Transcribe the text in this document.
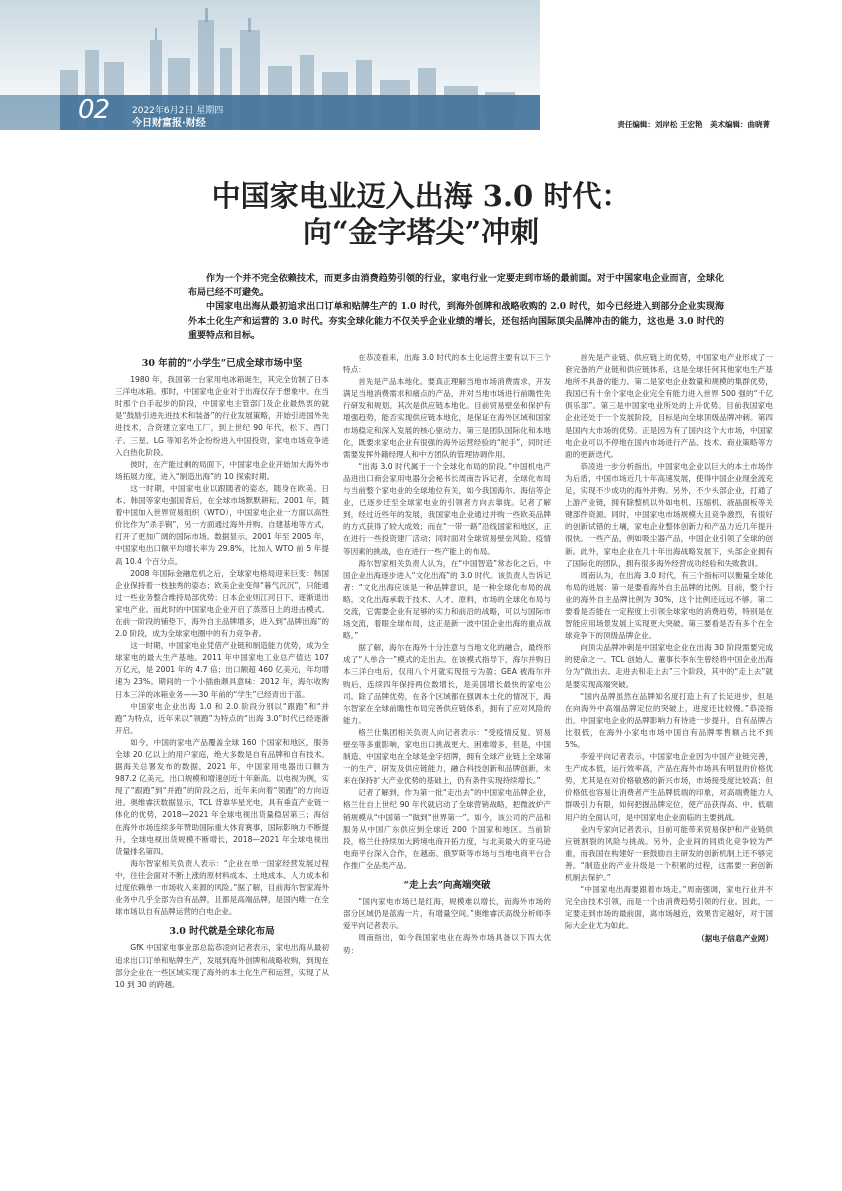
02	2022年6月2日 星期四
今日财富报·财经	责任编辑：刘岸松 王宏艳　美术编辑：曲晓菁
中国家电业迈入出海 3.0 时代：
向“金字塔尖”冲刺

作为一个并不完全依赖技术，而更多由消费趋势引领的行业，家电行业一定要走到市场的最前面。对于中国家电企业而言，全球化布局已经不可避免。

中国家电出海从最初追求出口订单和贴牌生产的 1.0 时代，到海外创牌和战略收购的 2.0 时代，如今已经进入到部分企业实现海外本土化生产和运营的 3.0 时代。夯实全球化能力不仅关乎企业业绩的增长，还包括向国际顶尖品牌冲击的能力，这也是 3.0 时代的重要特点和目标。

30 年前的“小学生”已成全球市场中坚

1980 年，我国第一台家用电冰箱诞生，其完全仿制了日本三洋电冰箱。那时，中国家电企业对于出海仅存于想象中。在当时那个白手起步的阶段，中国家电主管部门及企业最热衷的就是“鼓励引进先进技术和装备”的行业发展策略，开始引进国外先进技术，合资建立家电工厂，到上世纪 90 年代，松下、西门子、三星、LG 等知名外企纷纷进入中国投资，家电市场竞争进入白热化阶段。

彼时，在产能过剩的局面下，中国家电企业开始加大海外市场拓展力度，进入“制造出海”的 10 探索时期。

这一时期，中国家电业以跟随者的姿态，随身在欧美、日本、韩国等家电强国背后，在全球市场默默耕耘。2001 年，随着中国加入世界贸易组织（WTO），中国家电企业一方面以高性价比作为“杀手锏”，另一方面通过海外并购、自建基地等方式，打开了更加广阔的国际市场。数据显示，2001 年至 2005 年，中国家电出口额平均增长率为 29.8%，比加入 WTO 前 5 年提高 10.4 个百分点。

2008 年国际金融危机之后，全球家电格局迎来巨变：韩国企业保持着一枝独秀的姿态；欧美企业变得“暮气沉沉”，只能通过一些业务整合维持局部优势；日本企业则江河日下，逐渐退出家电产业。而此时的中国家电企业开启了蒸蒸日上的进击模式。在前一阶段的铺垫下，海外自主品牌增多，进入到“品牌出海”的 2.0 阶段，成为全球家电圈中的有力竞争者。

这一时期，中国家电业凭借产业链和制造能力优势，成为全球家电的最大生产基地。2011 年中国家电工业总产值达 107 万亿元，是 2001 年的 4.7 倍；出口额超 460 亿美元，年均增速为 23%。期间的一个小插曲颇具意味：2012 年，海尔收购日本三洋的冰箱业务——30 年前的“学生”已经青出于蓝。

中国家电企业出海 1.0 和 2.0 阶段分别以“跟跑”和“并跑”为特点，近年来以“领跑”为特点的“出海 3.0”时代已经逐渐开启。

如今，中国的家电产品覆盖全球 160 个国家和地区，服务全球 20 亿以上的用户家庭，绝大多数是自有品牌和自有技术。据海关总署发布的数据，2021 年，中国家用电器出口额为 987.2 亿美元，出口规模和增速创近十年新高。以电视为例，实现了“跟跑”到“并跑”的阶段之后，近年来向着“领跑”的方向迈进。奥维睿沃数据显示，TCL 背靠华星光电，具有垂直产业链一体化的优势，2018—2021 年全球电视出货量稳居第三；海信在海外市场连续多年赞助国际重大体育赛事，国际影响力不断提升，全球电视出货规模不断增长，2018—2021 年全球电视出货量排名第四。

海尔智家相关负责人表示：“企业在单一国家经营发展过程中，往往会面对不断上涨的原材料成本、土地成本、人力成本和过度依赖单一市场收入来源的风险。”据了解，目前海尔智家海外业务中几乎全部为自有品牌，且都是高端品牌，是国内唯一在全球市场以自有品牌运营的白电企业。

3.0 时代就是全球化布局

GfK 中国家电事业部总监恭凌向记者表示，家电出海从最初追求出口订单和贴牌生产，发展到海外创牌和战略收购，到现在部分企业在一些区域实现了海外的本土化生产和运营，实现了从 10 到 30 的跨越。

在恭凌看来，出海 3.0 时代的本土化运营主要有以下三个特点：

首先是产品本地化。要真正理解当地市场消费需求，开发满足当地消费需求和痛点的产品，并对当地市场进行前瞻性先行研发和规划。其次是供应链本地化。目前贸易壁垒和保护有增强趋势，能否实现供应链本地化，是保证在海外区域和国家市场稳定和深入发展的核心驱动力。第三是团队国际化和本地化，既要求家电企业有很强的海外运营经验的“舵手”，同时还需要发挥外籍经理人和中方团队的管理协调作用。

“出海 3.0 时代属于一个全球化布局的阶段。”中国机电产品进出口商会家用电器分会秘书长周南告诉记者，全球化布局与当前整个家电业的全球地位有关，如今我国海尔、海信等企业，已逐步迁至全球家电业的引领者方向去靠拢。记者了解到，经过近些年的发展，我国家电企业通过并购一些欧美品牌的方式获得了较大成效；而在“一带一路”沿线国家和地区，正在进行一些投资建厂活动；同时面对全球贸易壁垒风险、疫情等因素的挑战，也在进行一些产能上的布局。

海尔智家相关负责人认为，在“中国智造”常态化之后，中国企业出海逐步进入“文化出海”的 3.0 时代。该负责人告诉记者：“文化出海应该是一种品牌意识，是一种全球化布局的战略。文化出海承载于技术、人才、原料，市场的全球化布局与交流，它需要企业有足够的实力和前沿的战略，可以与国际市场交流，着眼全球布局，这正是新一波中国企业出海的重点战略。”

据了解，海尔在海外十分注意与当地文化的融合，最终形成了“人单合一”模式的走出去。在该模式指导下，海尔并购日本三洋白电后，仅用八个月就实现扭亏为盈；GEA 被海尔并购后，连续四年保持两位数增长，是美国增长最快的家电公司。除了品牌优势，在各个区域都在强调本土化的情况下，海尔智家在全球前瞻性布局完善供应链体系，拥有了应对风险的能力。

格兰仕集团相关负责人向记者表示：“受疫情反复、贸易壁垒等多重影响，家电出口挑战更大、困难增多，但是，中国制造、中国家电在全球是金字招牌，拥有全球产业链上全球第一的生产、研发及供应链能力，融合科技创新和品牌创新，未来在保持扩大产业优势的基础上，仍有条件实现持续增长。”

记者了解到，作为第一批“走出去”的中国家电品牌企业，格兰仕自上世纪 90 年代就启动了全球营销战略，把微波炉产销规模从“中国第一”做到“世界第一”。如今，该公司的产品和服务从中国广东供应到全球近 200 个国家和地区。当前阶段，格兰仕持续加大跨境电商开拓力度，与北美最大的亚马逊电商平台深入合作，在越南、俄罗斯等市场与当地电商平台合作推广全品类产品。

“走上去”向高端突破

“国内家电市场已是红海，规模难以增长，而海外市场的部分区域仍是蓝海一片，有增量空间。”奥维睿沃高级分析师李爱平向记者表示。

周南指出，如今我国家电业在海外市场具备以下四大优势：

首先是产业链、供应链上的优势，中国家电产业形成了一套完备的产业链和供应链体系，这是全球任何其他家电生产基地所不具备的能力。第二是家电企业数量和规模的集群优势，我国已有十余个家电企业完全有能力进入世界 500 强的“千亿俱乐部”。第三是中国家电业所处的上升优势。目前我国家电企业还处于一个发展阶段，目标是向全球顶级品牌冲刺。第四是国内大市场的优势。正是因为有了国内这个大市场，中国家电企业可以不停地在国内市场进行产品、技术、商业策略等方面的更新迭代。

恭凌进一步分析指出，中国家电企业以巨大的本土市场作为后盾，中国市场近几十年高速发展，使得中国企业现金流充足，实现不少成功的海外并购。另外，不少头部企业，打通了上游产业链，拥有除整机以外如电机、压缩机、液晶面板等关键部件资源。同时，中国家电市场规模大且竞争激烈，有很好的创新试错的土壤，家电企业整体创新力和产品力近几年提升很快。一些产品，例如吸尘器产品，中国企业引领了全球的创新。此外，家电企业在几十年出海战略发展下，头部企业拥有了国际化的团队，拥有很多海外经营成功经验和失败教训。

周南认为，在出海 3.0 时代，有三个指标可以衡量全球化布局的进展：第一是要看海外自主品牌的比例。目前，整个行业的海外自主品牌比例为 30%，这个比例还远远不够。第二要看是否能在一定程度上引领全球家电的消费趋势，特别是在智能应用场景发展上实现更大突破。第三要看是否有多个在全球竞争下的顶级品牌企业。

向顶尖品牌冲刺是中国家电企业在出海 30 阶段需要完成的使命之一。TCL 创始人、董事长李东生曾经将中国企业出海分为“做出去、走进去和走上去”三个阶段，其中的“走上去”就是要实现高端突破。

“国内品牌虽然在品牌知名度打造上有了长足进步，但是在向海外中高端品牌定位的突破上，进度还比较慢。”恭凌指出，中国家电企业的品牌影响力有待进一步提升，自有品牌占比很低，在海外小家电市场中国自有品牌零售额占比不到 5%。

李爱平向记者表示，中国家电企业因为中国产业链完善，生产成本低，运行效率高，产品在海外市场具有明显的价格优势，尤其是在对价格敏感的新兴市场，市场接受度比较高；但价格低也容易让消费者产生品牌低端的印象，对高端费能力人群吸引力有限，如何把握品牌定位，使产品获得高、中、低端用户的全面认可，是中国家电企业面临的主要挑战。

业内专家向记者表示，目前可能带来贸易保护和产业链供应链割裂的风险与挑战。另外，企业间的同质化竞争较为严重，而我国在构建好一套鼓励自主研发的创新机制上还不够完善。“制造业的产业升级是一个积累的过程，这需要一套创新机制去保护。”

“中国家电出海要跟着市场走。”周南强调，家电行业并不完全由技术引领，而是一个由消费趋势引领的行业。因此，一定要走到市场的最前面，离市场越近，效果肯定越好，对于国际大企业尤为如此。

（据电子信息产业网）
